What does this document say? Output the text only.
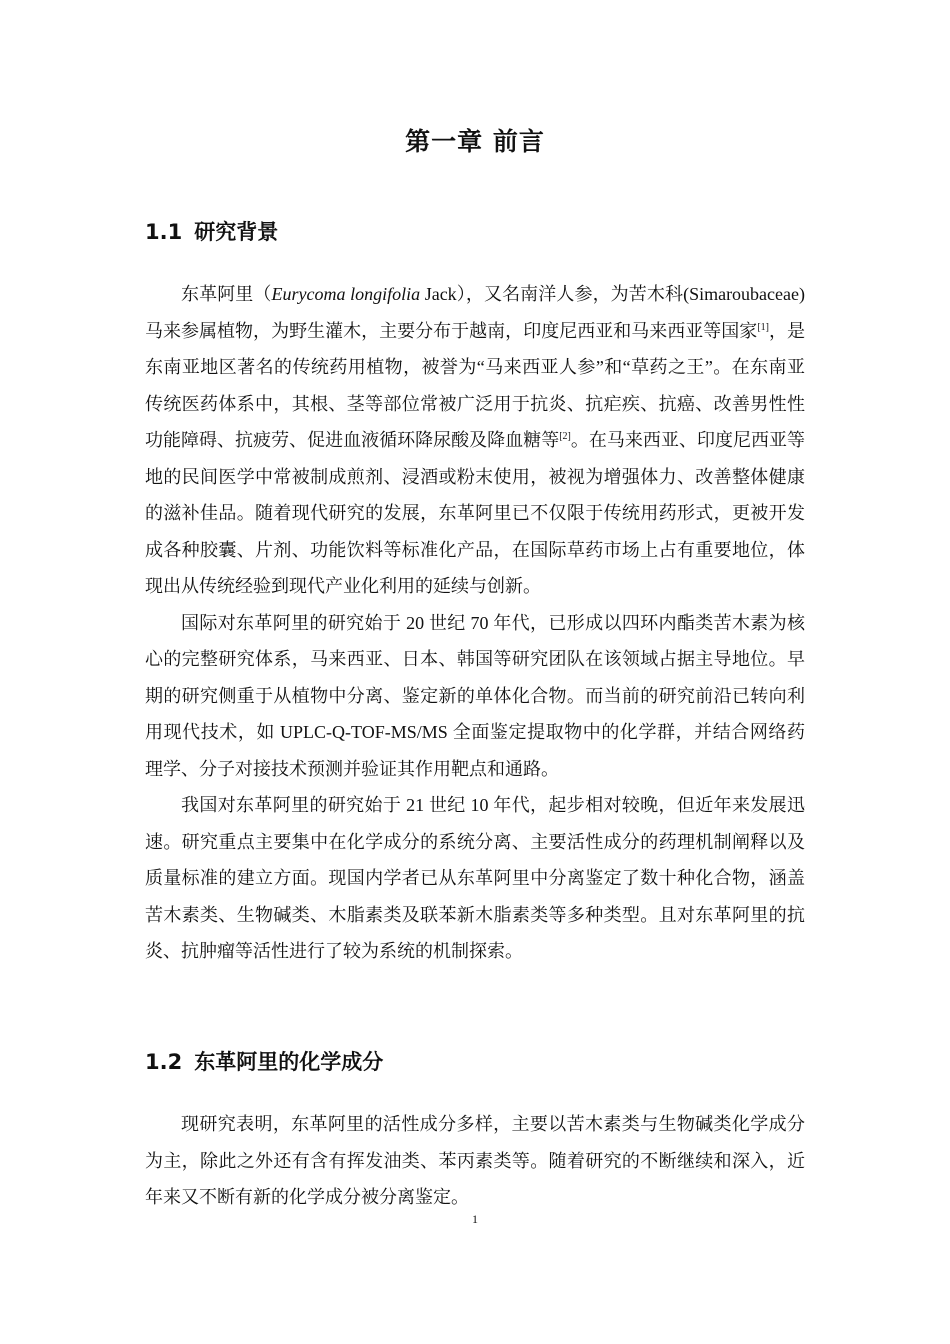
第一章 前言
1.1 研究背景

东革阿里（Eurycoma longifolia Jack），又名南洋人参，为苦木科(Simaroubaceae)马来参属植物，为野生灌木，主要分布于越南，印度尼西亚和马来西亚等国家[1]，是东南亚地区著名的传统药用植物，被誉为“马来西亚人参”和“草药之王”。在东南亚传统医药体系中，其根、茎等部位常被广泛用于抗炎、抗疟疾、抗癌、改善男性性功能障碍、抗疲劳、促进血液循环降尿酸及降血糖等[2]。在马来西亚、印度尼西亚等地的民间医学中常被制成煎剂、浸酒或粉末使用，被视为增强体力、改善整体健康的滋补佳品。随着现代研究的发展，东革阿里已不仅限于传统用药形式，更被开发成各种胶囊、片剂、功能饮料等标准化产品，在国际草药市场上占有重要地位，体现出从传统经验到现代产业化利用的延续与创新。

国际对东革阿里的研究始于 20 世纪 70 年代，已形成以四环内酯类苦木素为核心的完整研究体系，马来西亚、日本、韩国等研究团队在该领域占据主导地位。早期的研究侧重于从植物中分离、鉴定新的单体化合物。而当前的研究前沿已转向利用现代技术，如 UPLC-Q-TOF-MS/MS 全面鉴定提取物中的化学群，并结合网络药理学、分子对接技术预测并验证其作用靶点和通路。

我国对东革阿里的研究始于 21 世纪 10 年代，起步相对较晚，但近年来发展迅速。研究重点主要集中在化学成分的系统分离、主要活性成分的药理机制阐释以及质量标准的建立方面。现国内学者已从东革阿里中分离鉴定了数十种化合物，涵盖苦木素类、生物碱类、木脂素类及联苯新木脂素类等多种类型。且对东革阿里的抗炎、抗肿瘤等活性进行了较为系统的机制探索。

1.2 东革阿里的化学成分

现研究表明，东革阿里的活性成分多样，主要以苦木素类与生物碱类化学成分为主，除此之外还有含有挥发油类、苯丙素类等。随着研究的不断继续和深入，近年来又不断有新的化学成分被分离鉴定。

1
